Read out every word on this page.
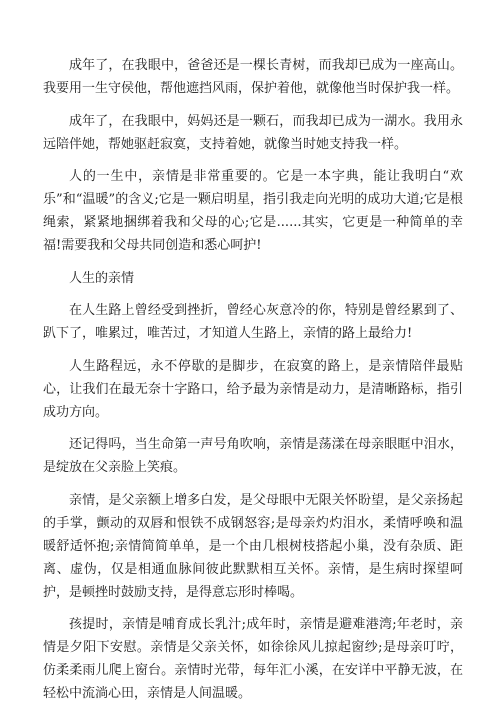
成年了，在我眼中，爸爸还是一棵长青树，而我却已成为一座高山。我要用一生守侯他，帮他遮挡风雨，保护着他，就像他当时保护我一样。

成年了，在我眼中，妈妈还是一颗石，而我却已成为一湖水。我用永远陪伴她，帮她驱赶寂寞，支持着她，就像当时她支持我一样。

人的一生中，亲情是非常重要的。它是一本字典，能让我明白“欢乐”和“温暖”的含义;它是一颗启明星，指引我走向光明的成功大道;它是根绳索，紧紧地捆绑着我和父母的心;它是......其实，它更是一种简单的幸福!需要我和父母共同创造和悉心呵护!

人生的亲情

在人生路上曾经受到挫折，曾经心灰意冷的你，特别是曾经累到了、趴下了，唯累过，唯苦过，才知道人生路上，亲情的路上最给力!

人生路程远，永不停歇的是脚步，在寂寞的路上，是亲情陪伴最贴心，让我们在最无奈十字路口，给予最为亲情是动力，是清晰路标，指引成功方向。

还记得吗，当生命第一声号角吹响，亲情是荡漾在母亲眼眶中泪水，是绽放在父亲脸上笑痕。

亲情，是父亲额上增多白发，是父母眼中无限关怀盼望，是父亲扬起的手掌，颤动的双唇和恨铁不成钢怒容;是母亲灼灼泪水，柔情呼唤和温暖舒适怀抱;亲情简简单单，是一个由几根树枝搭起小巢，没有杂质、距离、虚伪，仅是相通血脉间彼此默默相互关怀。亲情，是生病时探望呵护，是顿挫时鼓励支持，是得意忘形时棒喝。

孩提时，亲情是哺育成长乳汁;成年时，亲情是避难港湾;年老时，亲情是夕阳下安慰。亲情是父亲关怀，如徐徐风儿掠起窗纱;是母亲叮咛，仿柔柔雨儿爬上窗台。亲情时光带，每年汇小溪，在安详中平静无波，在轻松中流淌心田，亲情是人间温暖。
